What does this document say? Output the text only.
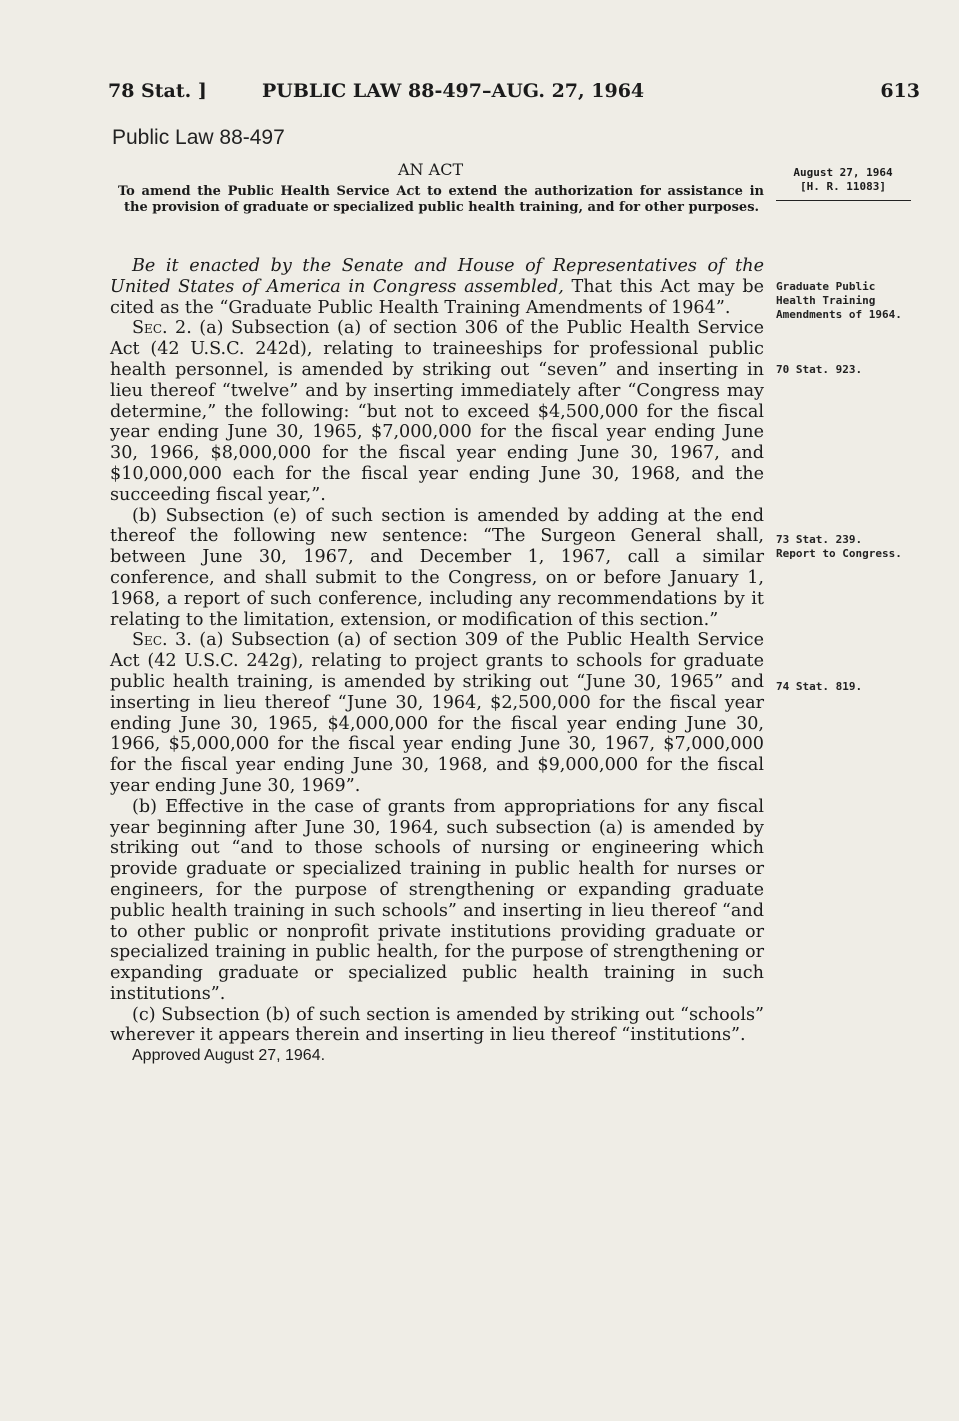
78 Stat. ]	PUBLIC LAW 88-497–AUG. 27, 1964	613
Public Law 88-497
AN ACT
To amend the Public Health Service Act to extend the authorization for assistance in the provision of graduate or specialized public health training, and for other purposes.
August 27, 1964
[H. R. 11083]
Graduate Public Health Training Amendments of 1964.
70 Stat. 923.
73 Stat. 239.
Report to Congress.
74 Stat. 819.

Be it enacted by the Senate and House of Representatives of the United States of America in Congress assembled, That this Act may be cited as the “Graduate Public Health Training Amendments of 1964”.

Sec. 2. (a) Subsection (a) of section 306 of the Public Health Service Act (42 U.S.C. 242d), relating to traineeships for professional public health personnel, is amended by striking out “seven” and inserting in lieu thereof “twelve” and by inserting immediately after “Congress may determine,” the following: “but not to exceed $4,500,000 for the fiscal year ending June 30, 1965, $7,000,000 for the fiscal year ending June 30, 1966, $8,000,000 for the fiscal year ending June 30, 1967, and $10,000,000 each for the fiscal year ending June 30, 1968, and the succeeding fiscal year,”.

(b) Subsection (e) of such section is amended by adding at the end thereof the following new sentence: “The Surgeon General shall, between June 30, 1967, and December 1, 1967, call a similar conference, and shall submit to the Congress, on or before January 1, 1968, a report of such conference, including any recommendations by it relating to the limitation, extension, or modification of this section.”

Sec. 3. (a) Subsection (a) of section 309 of the Public Health Service Act (42 U.S.C. 242g), relating to project grants to schools for graduate public health training, is amended by striking out “June 30, 1965” and inserting in lieu thereof “June 30, 1964, $2,500,000 for the fiscal year ending June 30, 1965, $4,000,000 for the fiscal year ending June 30, 1966, $5,000,000 for the fiscal year ending June 30, 1967, $7,000,000 for the fiscal year ending June 30, 1968, and $9,000,000 for the fiscal year ending June 30, 1969”.

(b) Effective in the case of grants from appropriations for any fiscal year beginning after June 30, 1964, such subsection (a) is amended by striking out “and to those schools of nursing or engineering which provide graduate or specialized training in public health for nurses or engineers, for the purpose of strengthening or expanding graduate public health training in such schools” and inserting in lieu thereof “and to other public or nonprofit private institutions providing graduate or specialized training in public health, for the purpose of strengthening or expanding graduate or specialized public health training in such institutions”.

(c) Subsection (b) of such section is amended by striking out “schools” wherever it appears therein and inserting in lieu thereof “institutions”.

Approved August 27, 1964.
